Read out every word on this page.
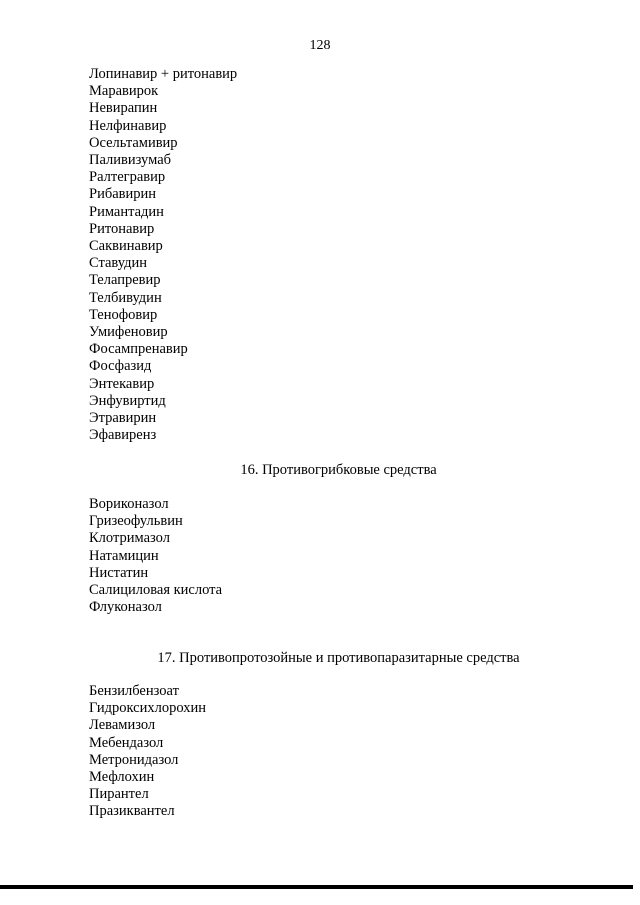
128
Лопинавир + ритонавир
Маравирок
Невирапин
Нелфинавир
Осельтамивир
Паливизумаб
Ралтегравир
Рибавирин
Римантадин
Ритонавир
Саквинавир
Ставудин
Телапревир
Телбивудин
Тенофовир
Умифеновир
Фосампренавир
Фосфазид
Энтекавир
Энфувиртид
Этравирин
Эфавиренз
16. Противогрибковые средства
Вориконазол
Гризеофульвин
Клотримазол
Натамицин
Нистатин
Салициловая кислота
Флуконазол
17. Противопротозойные и противопаразитарные средства
Бензилбензоат
Гидроксихлорохин
Левамизол
Мебендазол
Метронидазол
Мефлохин
Пирантел
Празиквантел
